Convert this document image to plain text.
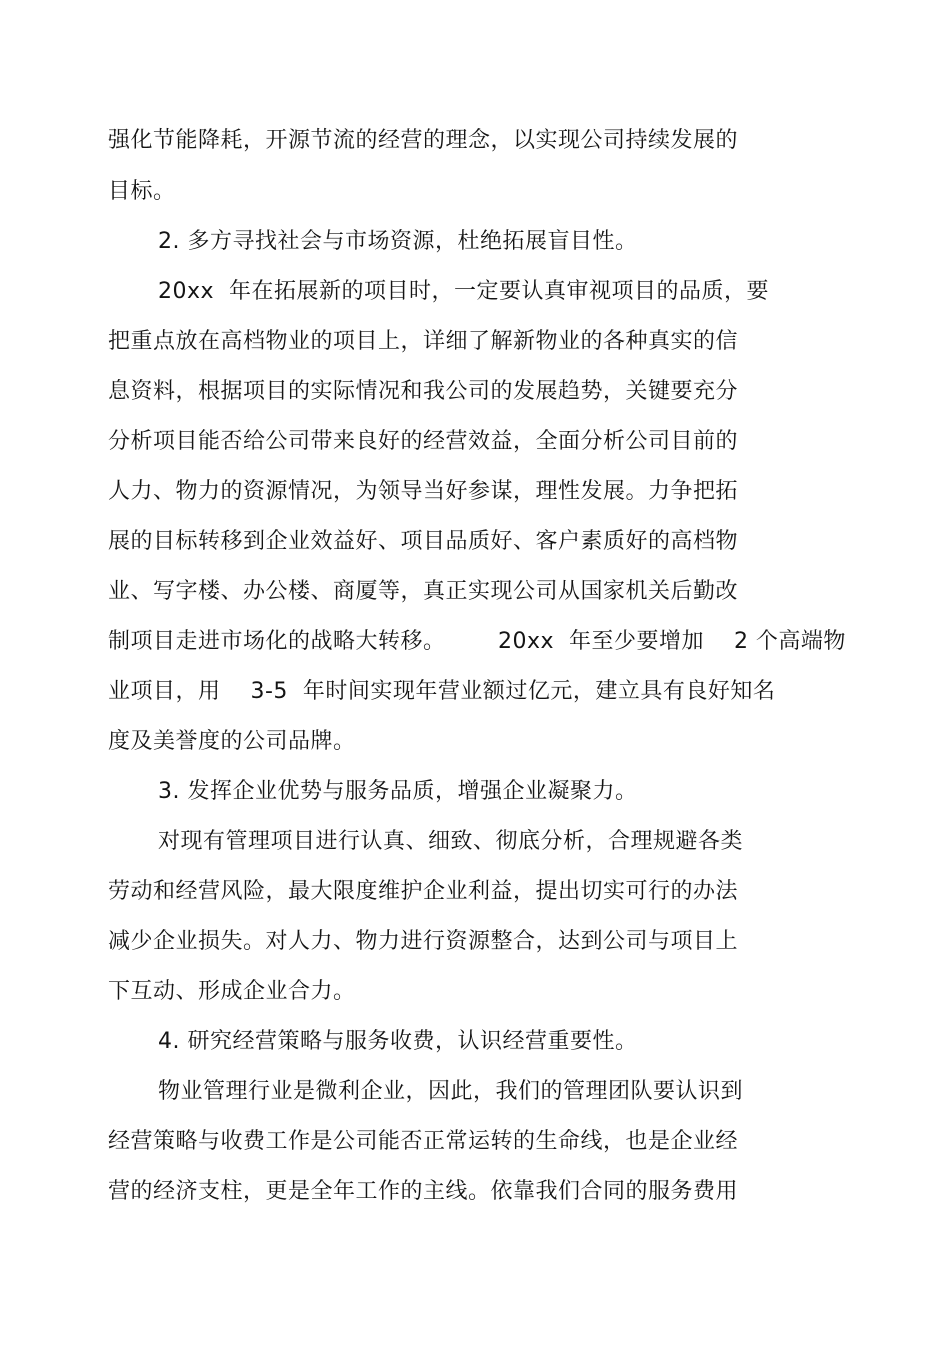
强化节能降耗，开源节流的经营的理念，以实现公司持续发展的
目标。
2. 多方寻找社会与市场资源，杜绝拓展盲目性。
20xx  年在拓展新的项目时，一定要认真审视项目的品质，要
把重点放在高档物业的项目上，详细了解新物业的各种真实的信
息资料，根据项目的实际情况和我公司的发展趋势，关键要充分
分析项目能否给公司带来良好的经营效益，全面分析公司目前的
人力、物力的资源情况，为领导当好参谋，理性发展。力争把拓
展的目标转移到企业效益好、项目品质好、客户素质好的高档物
业、写字楼、办公楼、商厦等，真正实现公司从国家机关后勤改
制项目走进市场化的战略大转移。       20xx  年至少要增加    2 个高端物
业项目，用    3-5  年时间实现年营业额过亿元，建立具有良好知名
度及美誉度的公司品牌。
3. 发挥企业优势与服务品质，增强企业凝聚力。
对现有管理项目进行认真、细致、彻底分析，合理规避各类
劳动和经营风险，最大限度维护企业利益，提出切实可行的办法
减少企业损失。对人力、物力进行资源整合，达到公司与项目上
下互动、形成企业合力。
4. 研究经营策略与服务收费，认识经营重要性。
物业管理行业是微利企业，因此，我们的管理团队要认识到
经营策略与收费工作是公司能否正常运转的生命线，也是企业经
营的经济支柱，更是全年工作的主线。依靠我们合同的服务费用
